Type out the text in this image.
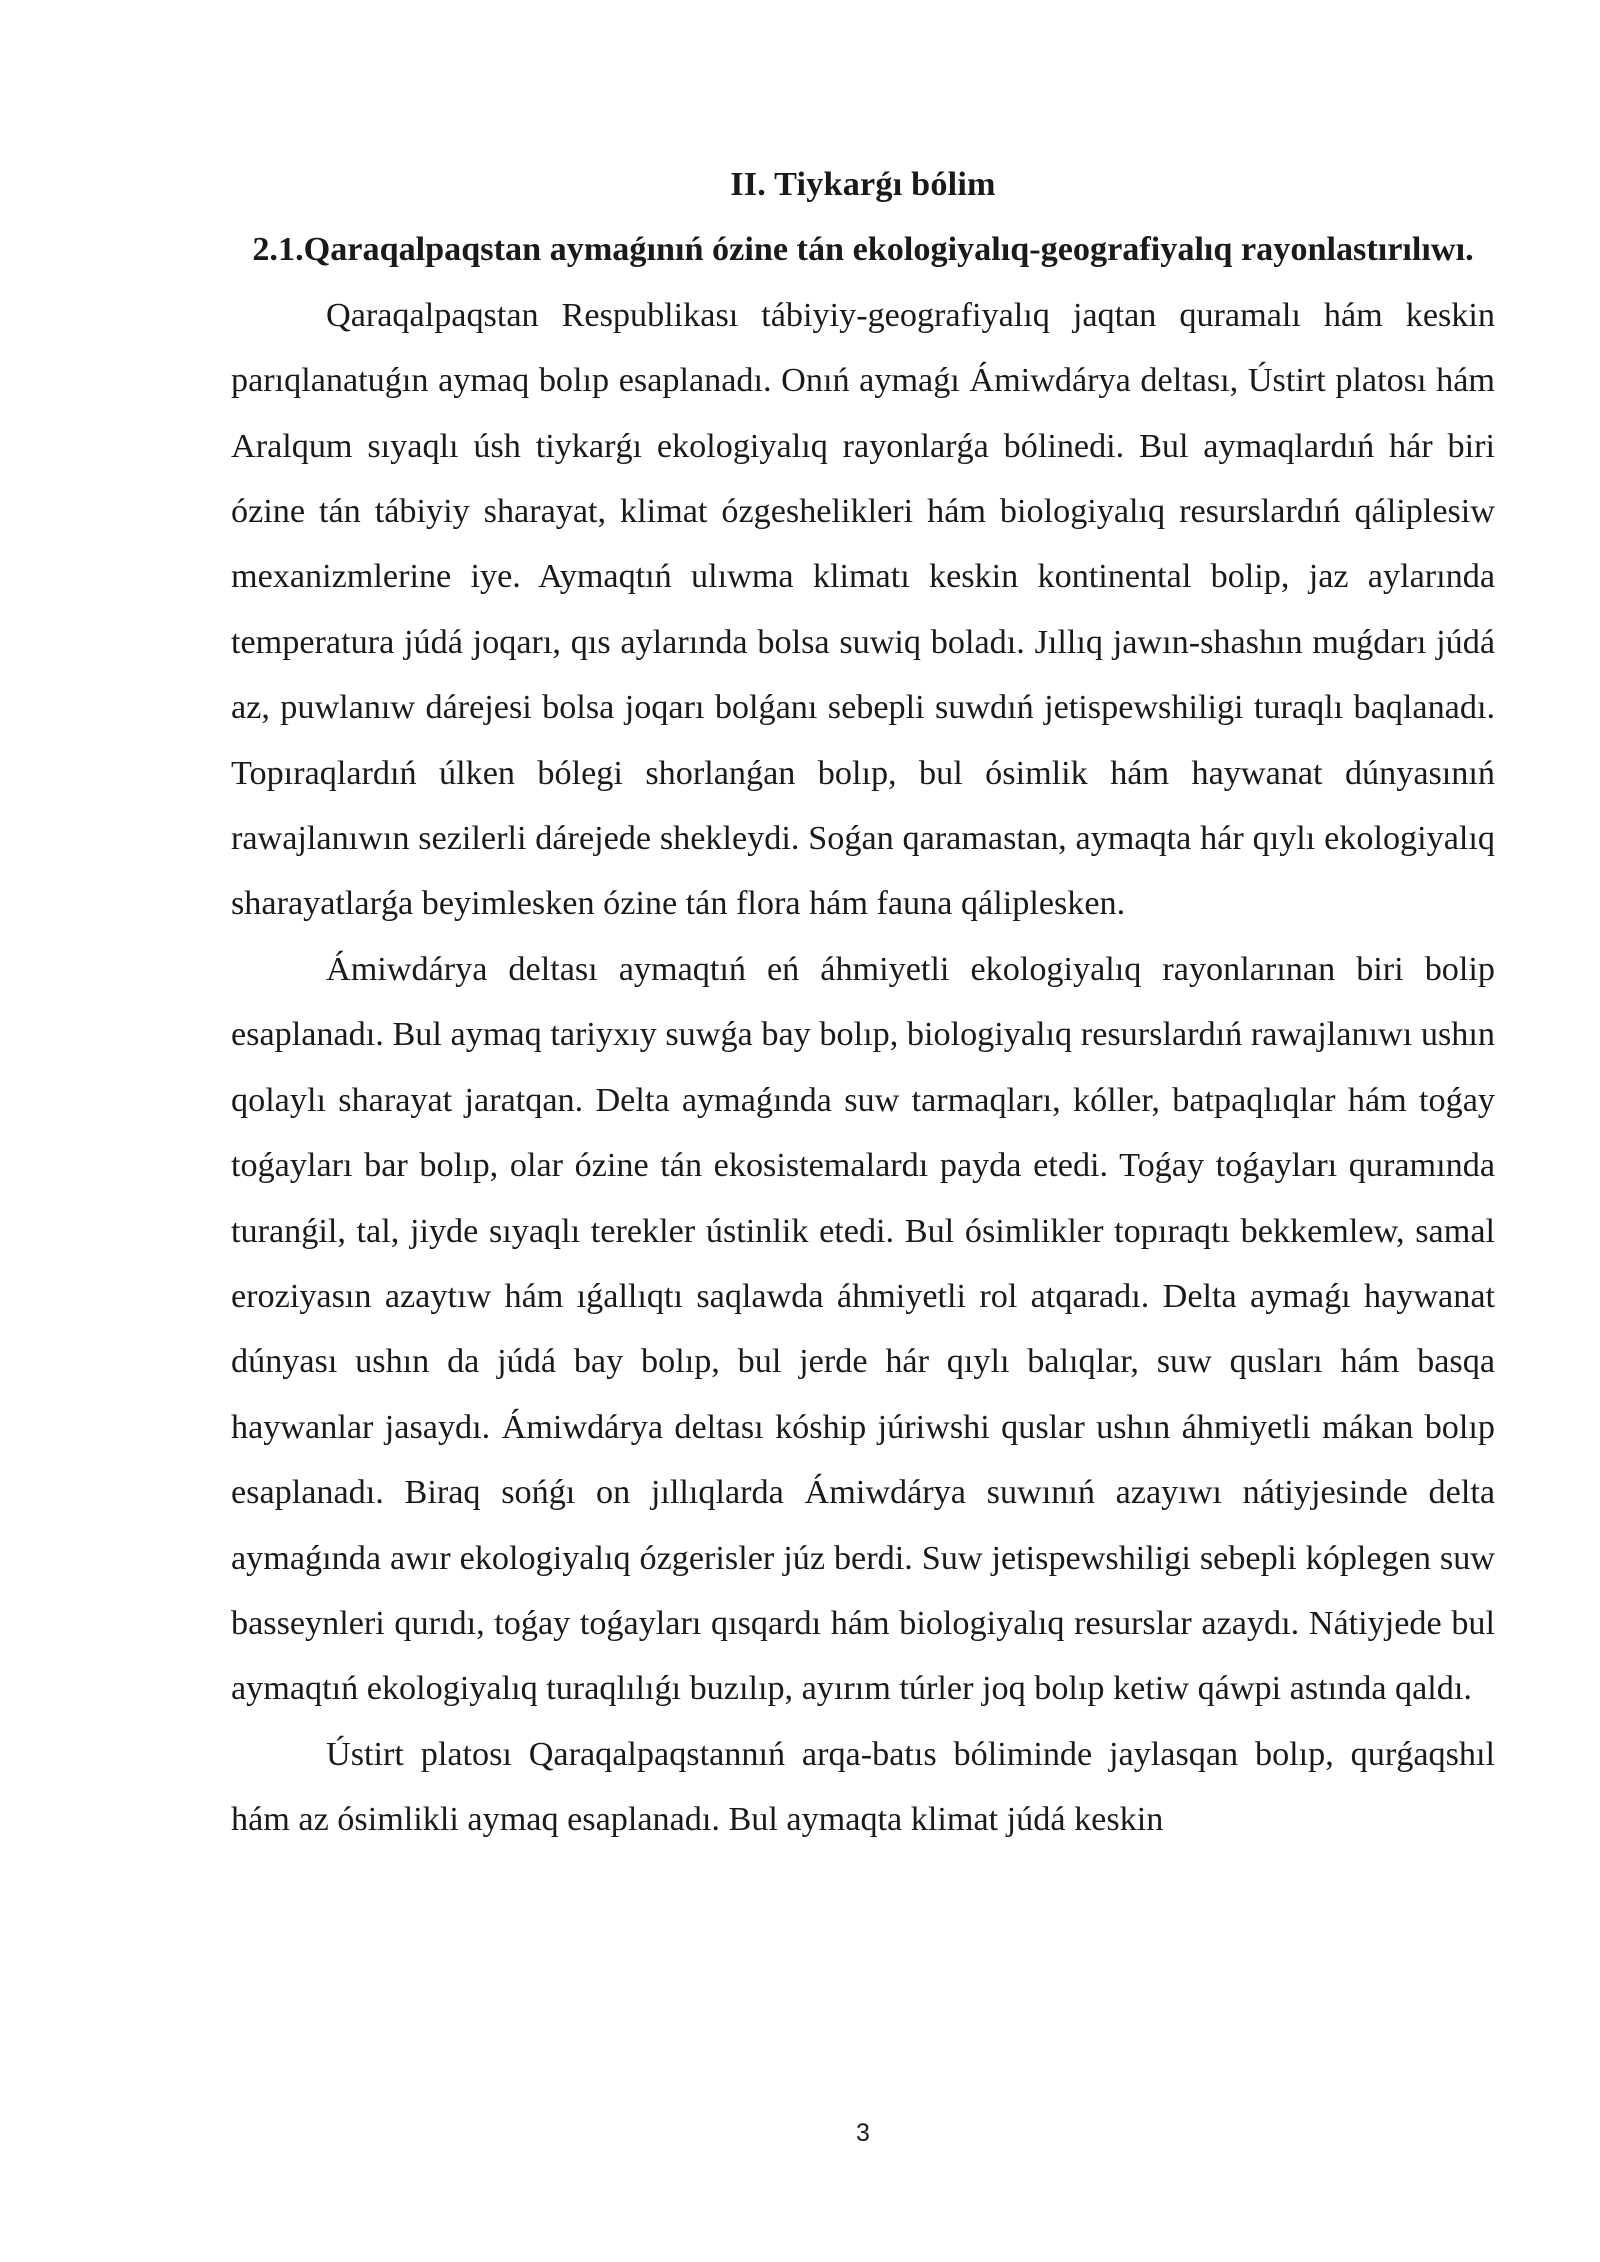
II. Tiykarǵı bólim

2.1.Qaraqalpaqstan aymaǵınıń ózine tán ekologiyalıq-geografiyalıq rayonlastırılıwı.

Qaraqalpaqstan Respublikası tábiyiy-geografiyalıq jaqtan quramalı hám keskin parıqlanatuǵın aymaq bolıp esaplanadı. Onıń aymaǵı Ámiwdárya deltası, Ústirt platosı hám Aralqum sıyaqlı úsh tiykarǵı ekologiyalıq rayonlarǵa bólinedi. Bul aymaqlardıń hár biri ózine tán tábiyiy sharayat, klimat ózgeshelikleri hám biologiyalıq resurslardıń qáliplesiw mexanizmlerine iye. Aymaqtıń ulıwma klimatı keskin kontinental bolip, jaz aylarında temperatura júdá joqarı, qıs aylarında bolsa suwiq boladı. Jıllıq jawın-shashın muǵdarı júdá az, puwlanıw dárejesi bolsa joqarı bolǵanı sebepli suwdıń jetispewshiligi turaqlı baqlanadı. Topıraqlardıń úlken bólegi shorlanǵan bolıp, bul ósimlik hám haywanat dúnyasınıń rawajlanıwın sezilerli dárejede shekleydi. Soǵan qaramastan, aymaqta hár qıylı ekologiyalıq sharayatlarǵa beyimlesken ózine tán flora hám fauna qáliplesken.

Ámiwdárya deltası aymaqtıń eń áhmiyetli ekologiyalıq rayonlarınan biri bolip esaplanadı. Bul aymaq tariyxıy suwǵa bay bolıp, biologiyalıq resurslardıń rawajlanıwı ushın qolaylı sharayat jaratqan. Delta aymaǵında suw tarmaqları, kóller, batpaqlıqlar hám toǵay toǵayları bar bolıp, olar ózine tán ekosistemalardı payda etedi. Toǵay toǵayları quramında turanǵil, tal, jiyde sıyaqlı terekler ústinlik etedi. Bul ósimlikler topıraqtı bekkemlew, samal eroziyasın azaytıw hám ıǵallıqtı saqlawda áhmiyetli rol atqaradı. Delta aymaǵı haywanat dúnyası ushın da júdá bay bolıp, bul jerde hár qıylı balıqlar, suw qusları hám basqa haywanlar jasaydı. Ámiwdárya deltası kóship júriwshi quslar ushın áhmiyetli mákan bolıp esaplanadı. Biraq sońǵı on jıllıqlarda Ámiwdárya suwınıń azayıwı nátiyjesinde delta aymaǵında awır ekologiyalıq ózgerisler júz berdi. Suw jetispewshiligi sebepli kóplegen suw basseynleri qurıdı, toǵay toǵayları qısqardı hám biologiyalıq resurslar azaydı. Nátiyjede bul aymaqtıń ekologiyalıq turaqlılıǵı buzılıp, ayırım túrler joq bolıp ketiw qáwpi astında qaldı.

Ústirt platosı Qaraqalpaqstannıń arqa-batıs bóliminde jaylasqan bolıp, qurǵaqshıl hám az ósimlikli aymaq esaplanadı. Bul aymaqta klimat júdá keskin

3
